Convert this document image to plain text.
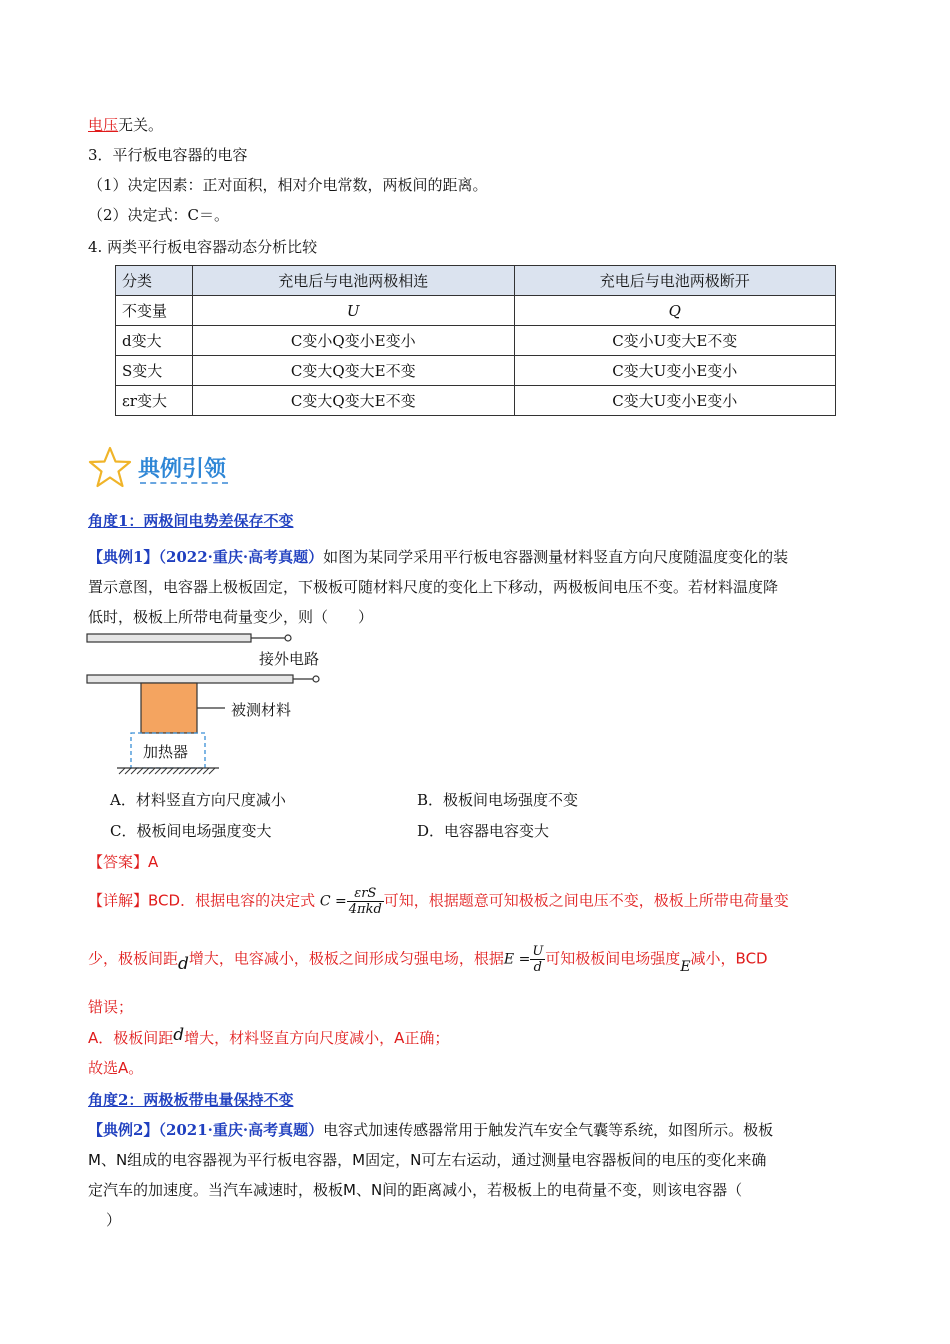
电压无关。
3．平行板电容器的电容
（1）决定因素：正对面积，相对介电常数，两板间的距离。
（2）决定式：C＝。
4. 两类平行板电容器动态分析比较
分类	充电后与电池两极相连	充电后与电池两极断开
不变量	U	Q
d变大	C变小Q变小E变小	C变小U变大E不变
S变大	C变大Q变大E不变	C变大U变小E变小
εr变大	C变大Q变大E不变	C变大U变小E变小
典例引领
角度1：两极间电势差保存不变
【典例1】（2022·重庆·高考真题）如图为某同学采用平行板电容器测量材料竖直方向尺度随温度变化的装
置示意图，电容器上极板固定，下极板可随材料尺度的变化上下移动，两极板间电压不变。若材料温度降
低时，极板上所带电荷量变少，则（　　）
接外电路
被测材料
加热器
A．材料竖直方向尺度减小	B．极板间电场强度不变
C．极板间电场强度变大	D．电容器电容变大
【答案】A
【详解】BCD．根据电容的决定式 $C = \frac{\text{εrS}}{\text{4πkd}}$ 可知，根据题意可知极板之间电压不变，极板上所带电荷量变
少，极板间距d增大，电容减小，极板之间形成匀强电场，根据$E = \frac{U}{d}$ 可知极板间电场强度E减小，BCD
错误；
A．极板间距d增大，材料竖直方向尺度减小，A正确；
故选A。
角度2：两极板带电量保持不变
【典例2】（2021·重庆·高考真题）电容式加速传感器常用于触发汽车安全气囊等系统，如图所示。极板
M、N组成的电容器视为平行板电容器，M固定，N可左右运动，通过测量电容器板间的电压的变化来确
定汽车的加速度。当汽车减速时，极板M、N间的距离减小，若极板上的电荷量不变，则该电容器（
）
